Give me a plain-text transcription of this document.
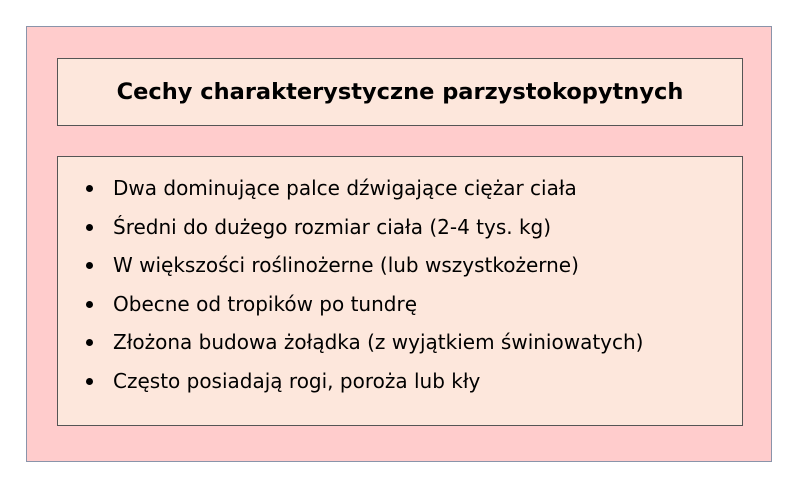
Cechy charakterystyczne parzystokopytnych
Dwa dominujące palce dźwigające ciężar ciała
Średni do dużego rozmiar ciała (2-4 tys. kg)
W większości roślinożerne (lub wszystkożerne)
Obecne od tropików po tundrę
Złożona budowa żołądka (z wyjątkiem świniowatych)
Często posiadają rogi, poroża lub kły
